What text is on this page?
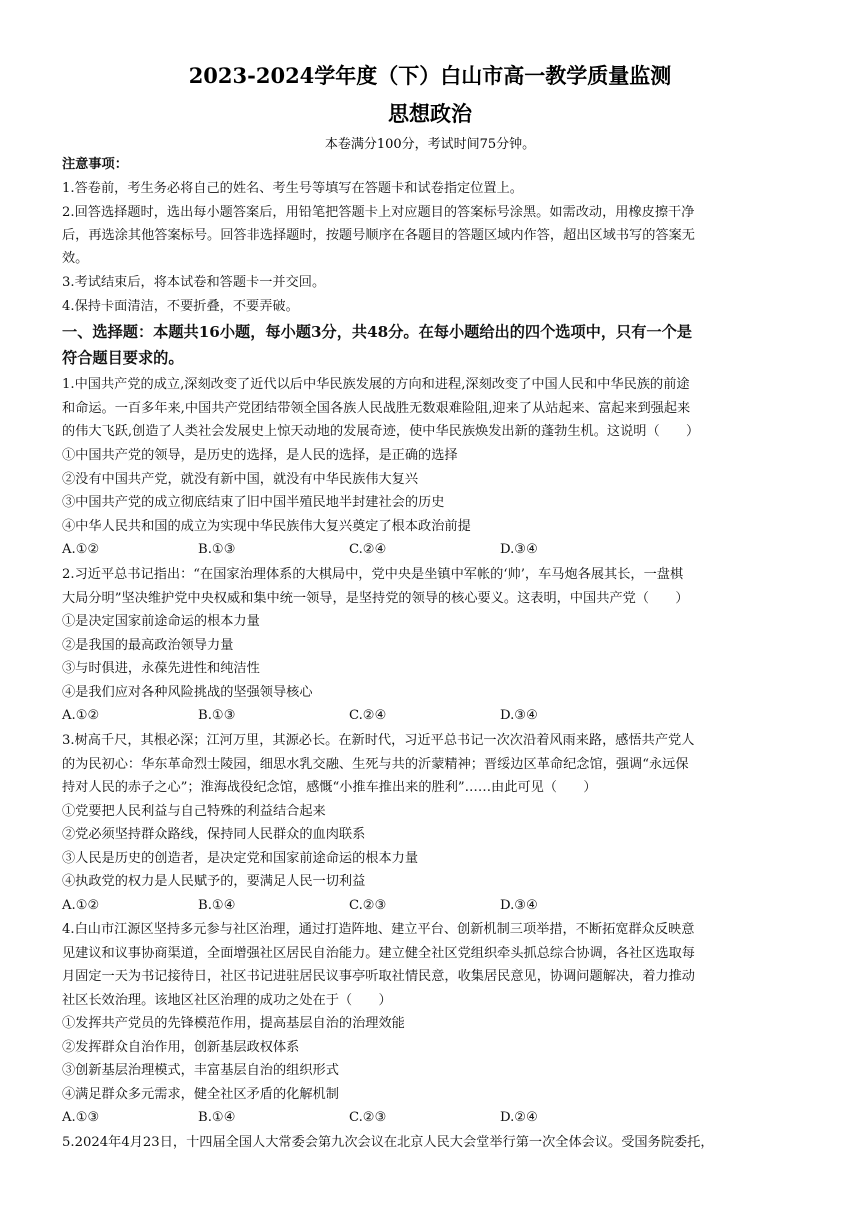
2023-2024学年度（下）白山市高一教学质量监测
思想政治
本卷满分100分，考试时间75分钟。
注意事项：
1.答卷前，考生务必将自己的姓名、考生号等填写在答题卡和试卷指定位置上。
2.回答选择题时，选出每小题答案后，用铅笔把答题卡上对应题目的答案标号涂黑。如需改动，用橡皮擦干净
后，再选涂其他答案标号。回答非选择题时，按题号顺序在各题目的答题区域内作答，超出区域书写的答案无
效。
3.考试结束后，将本试卷和答题卡一并交回。
4.保持卡面清洁，不要折叠，不要弄破。
一、选择题：本题共16小题，每小题3分，共48分。在每小题给出的四个选项中，只有一个是
符合题目要求的。
1.中国共产党的成立,深刻改变了近代以后中华民族发展的方向和进程,深刻改变了中国人民和中华民族的前途
和命运。一百多年来,中国共产党团结带领全国各族人民战胜无数艰难险阻,迎来了从站起来、富起来到强起来
的伟大飞跃,创造了人类社会发展史上惊天动地的发展奇迹，使中华民族焕发出新的蓬勃生机。这说明（　　）
①中国共产党的领导，是历史的选择，是人民的选择，是正确的选择
②没有中国共产党，就没有新中国，就没有中华民族伟大复兴
③中国共产党的成立彻底结束了旧中国半殖民地半封建社会的历史
④中华人民共和国的成立为实现中华民族伟大复兴奠定了根本政治前提
A.①②	B.①③	C.②④	D.③④
2.习近平总书记指出：“在国家治理体系的大棋局中，党中央是坐镇中军帐的‘帅’，车马炮各展其长，一盘棋
大局分明”坚决维护党中央权威和集中统一领导，是坚持党的领导的核心要义。这表明，中国共产党（　　）
①是决定国家前途命运的根本力量
②是我国的最高政治领导力量
③与时俱进，永葆先进性和纯洁性
④是我们应对各种风险挑战的坚强领导核心
A.①②	B.①③	C.②④	D.③④
3.树高千尺，其根必深；江河万里，其源必长。在新时代，习近平总书记一次次沿着风雨来路，感悟共产党人
的为民初心：华东革命烈士陵园，细思水乳交融、生死与共的沂蒙精神；晋绥边区革命纪念馆，强调“永远保
持对人民的赤子之心”；淮海战役纪念馆，感慨“小推车推出来的胜利”……由此可见（　　）
①党要把人民利益与自己特殊的利益结合起来
②党必须坚持群众路线，保持同人民群众的血肉联系
③人民是历史的创造者，是决定党和国家前途命运的根本力量
④执政党的权力是人民赋予的，要满足人民一切利益
A.①②	B.①④	C.②③	D.③④
4.白山市江源区坚持多元参与社区治理，通过打造阵地、建立平台、创新机制三项举措，不断拓宽群众反映意
见建议和议事协商渠道，全面增强社区居民自治能力。建立健全社区党组织牵头抓总综合协调，各社区选取每
月固定一天为书记接待日，社区书记进驻居民议事亭听取社情民意，收集居民意见，协调问题解决，着力推动
社区长效治理。该地区社区治理的成功之处在于（　　）
①发挥共产党员的先锋模范作用，提高基层自治的治理效能
②发挥群众自治作用，创新基层政权体系
③创新基层治理模式，丰富基层自治的组织形式
④满足群众多元需求，健全社区矛盾的化解机制
A.①③	B.①④	C.②③	D.②④
5.2024年4月23日，十四届全国人大常委会第九次会议在北京人民大会堂举行第一次全体会议。受国务院委托，
